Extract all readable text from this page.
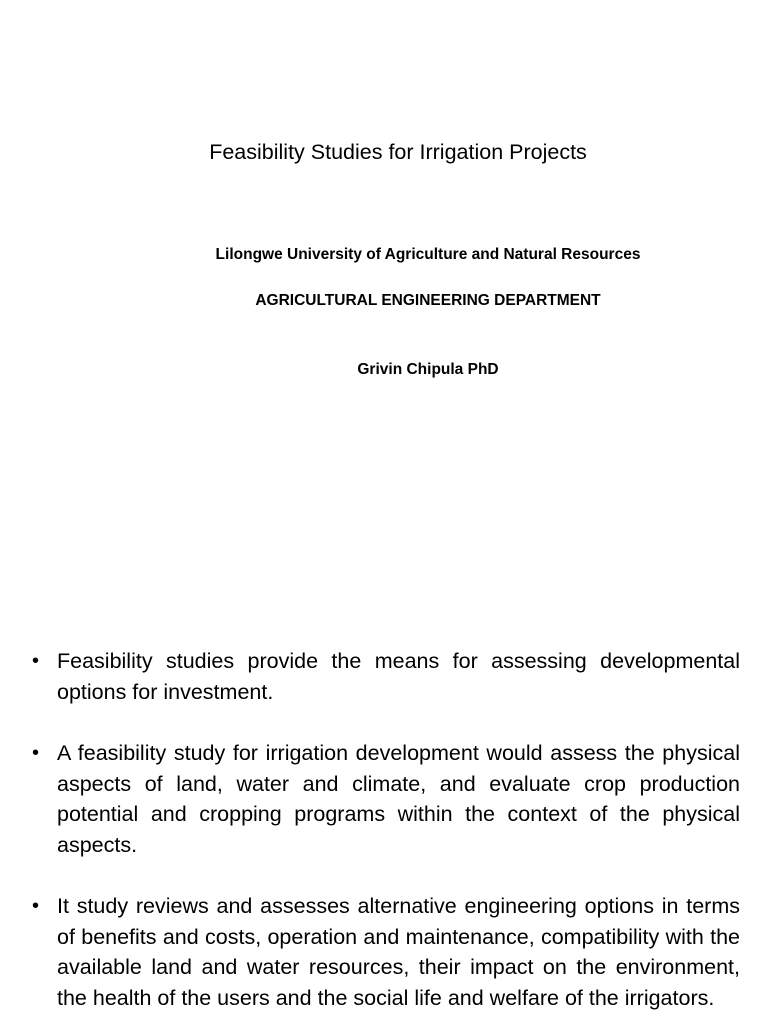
Feasibility Studies for Irrigation Projects
Lilongwe University of Agriculture and Natural Resources
AGRICULTURAL ENGINEERING DEPARTMENT
Grivin Chipula PhD
• Feasibility studies provide the means for assessing developmental options for investment.
• A feasibility study for irrigation development would assess the physical aspects of land, water and climate, and evaluate crop production potential and cropping programs within the context of the physical aspects.
• It study reviews and assesses alternative engineering options in terms of benefits and costs, operation and maintenance, compatibility with the available land and water resources, their impact on the environment, the health of the users and the social life and welfare of the irrigators.
